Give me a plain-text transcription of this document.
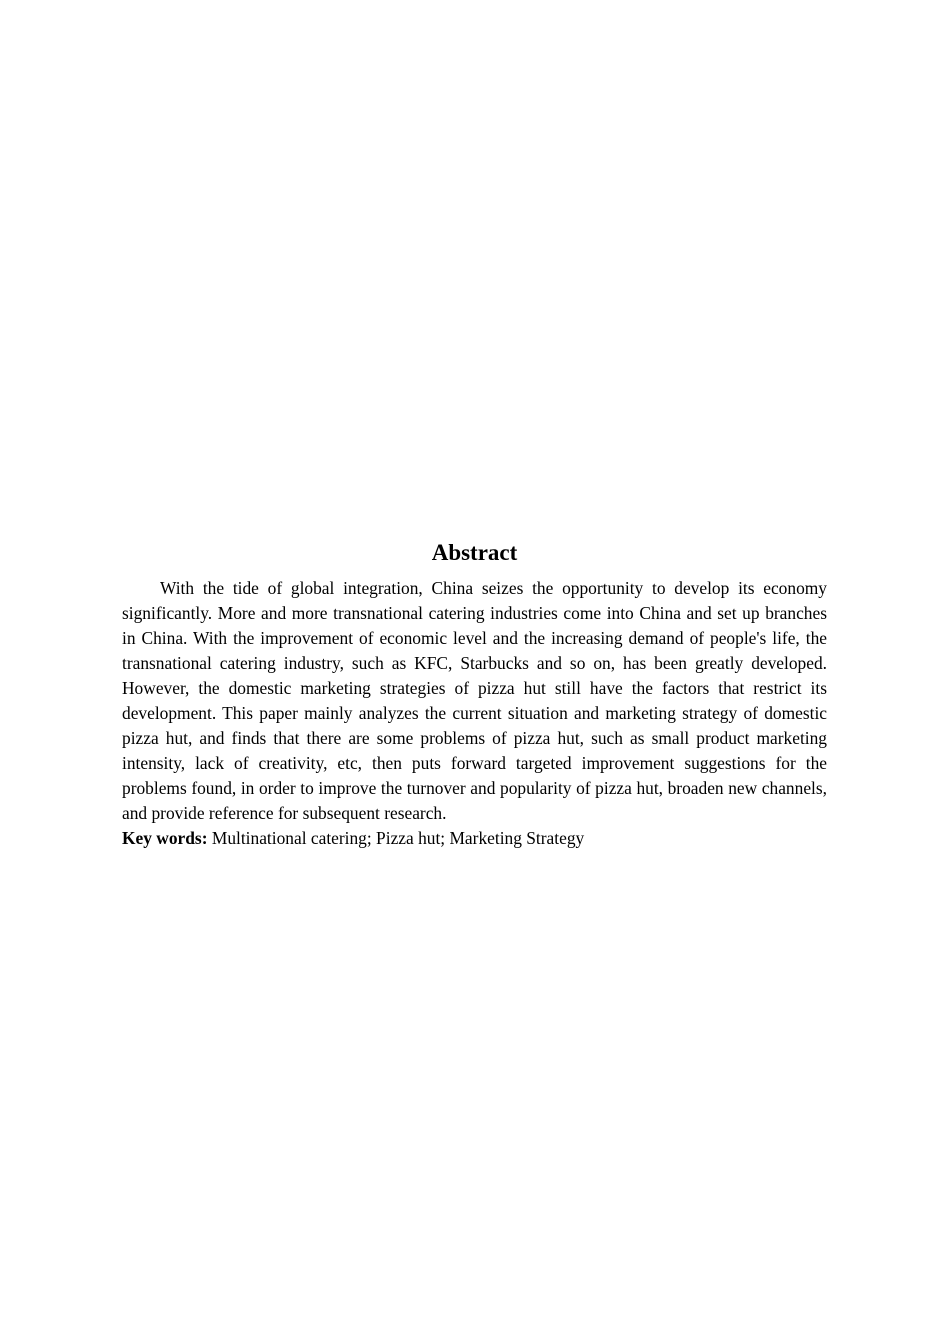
Abstract

With the tide of global integration, China seizes the opportunity to develop its economy significantly. More and more transnational catering industries come into China and set up branches in China. With the improvement of economic level and the increasing demand of people's life, the transnational catering industry, such as KFC, Starbucks and so on, has been greatly developed. However, the domestic marketing strategies of pizza hut still have the factors that restrict its development. This paper mainly analyzes the current situation and marketing strategy of domestic pizza hut, and finds that there are some problems of pizza hut, such as small product marketing intensity, lack of creativity, etc, then puts forward targeted improvement suggestions for the problems found, in order to improve the turnover and popularity of pizza hut, broaden new channels, and provide reference for subsequent research.

Key words: Multinational catering; Pizza hut; Marketing Strategy
